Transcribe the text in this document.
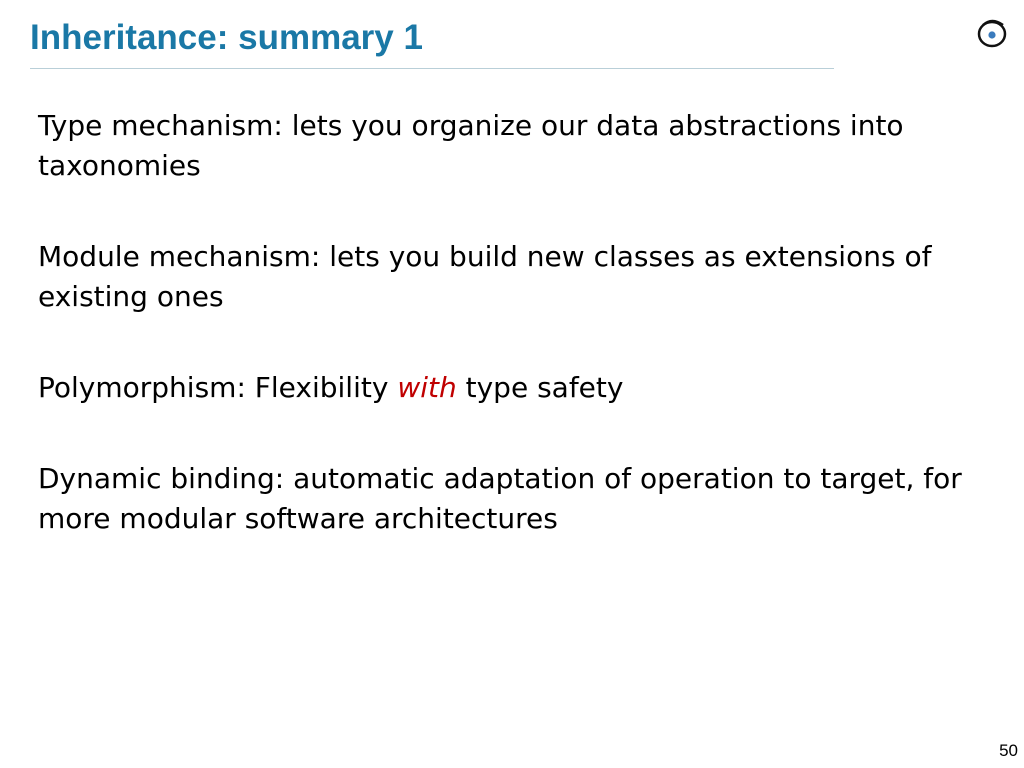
Inheritance: summary 1

Type mechanism: lets you organize our data abstractions into taxonomies

Module mechanism: lets you build new classes as extensions of existing ones

Polymorphism: Flexibility with type safety

Dynamic binding: automatic adaptation of operation to target, for more modular software architectures

50
